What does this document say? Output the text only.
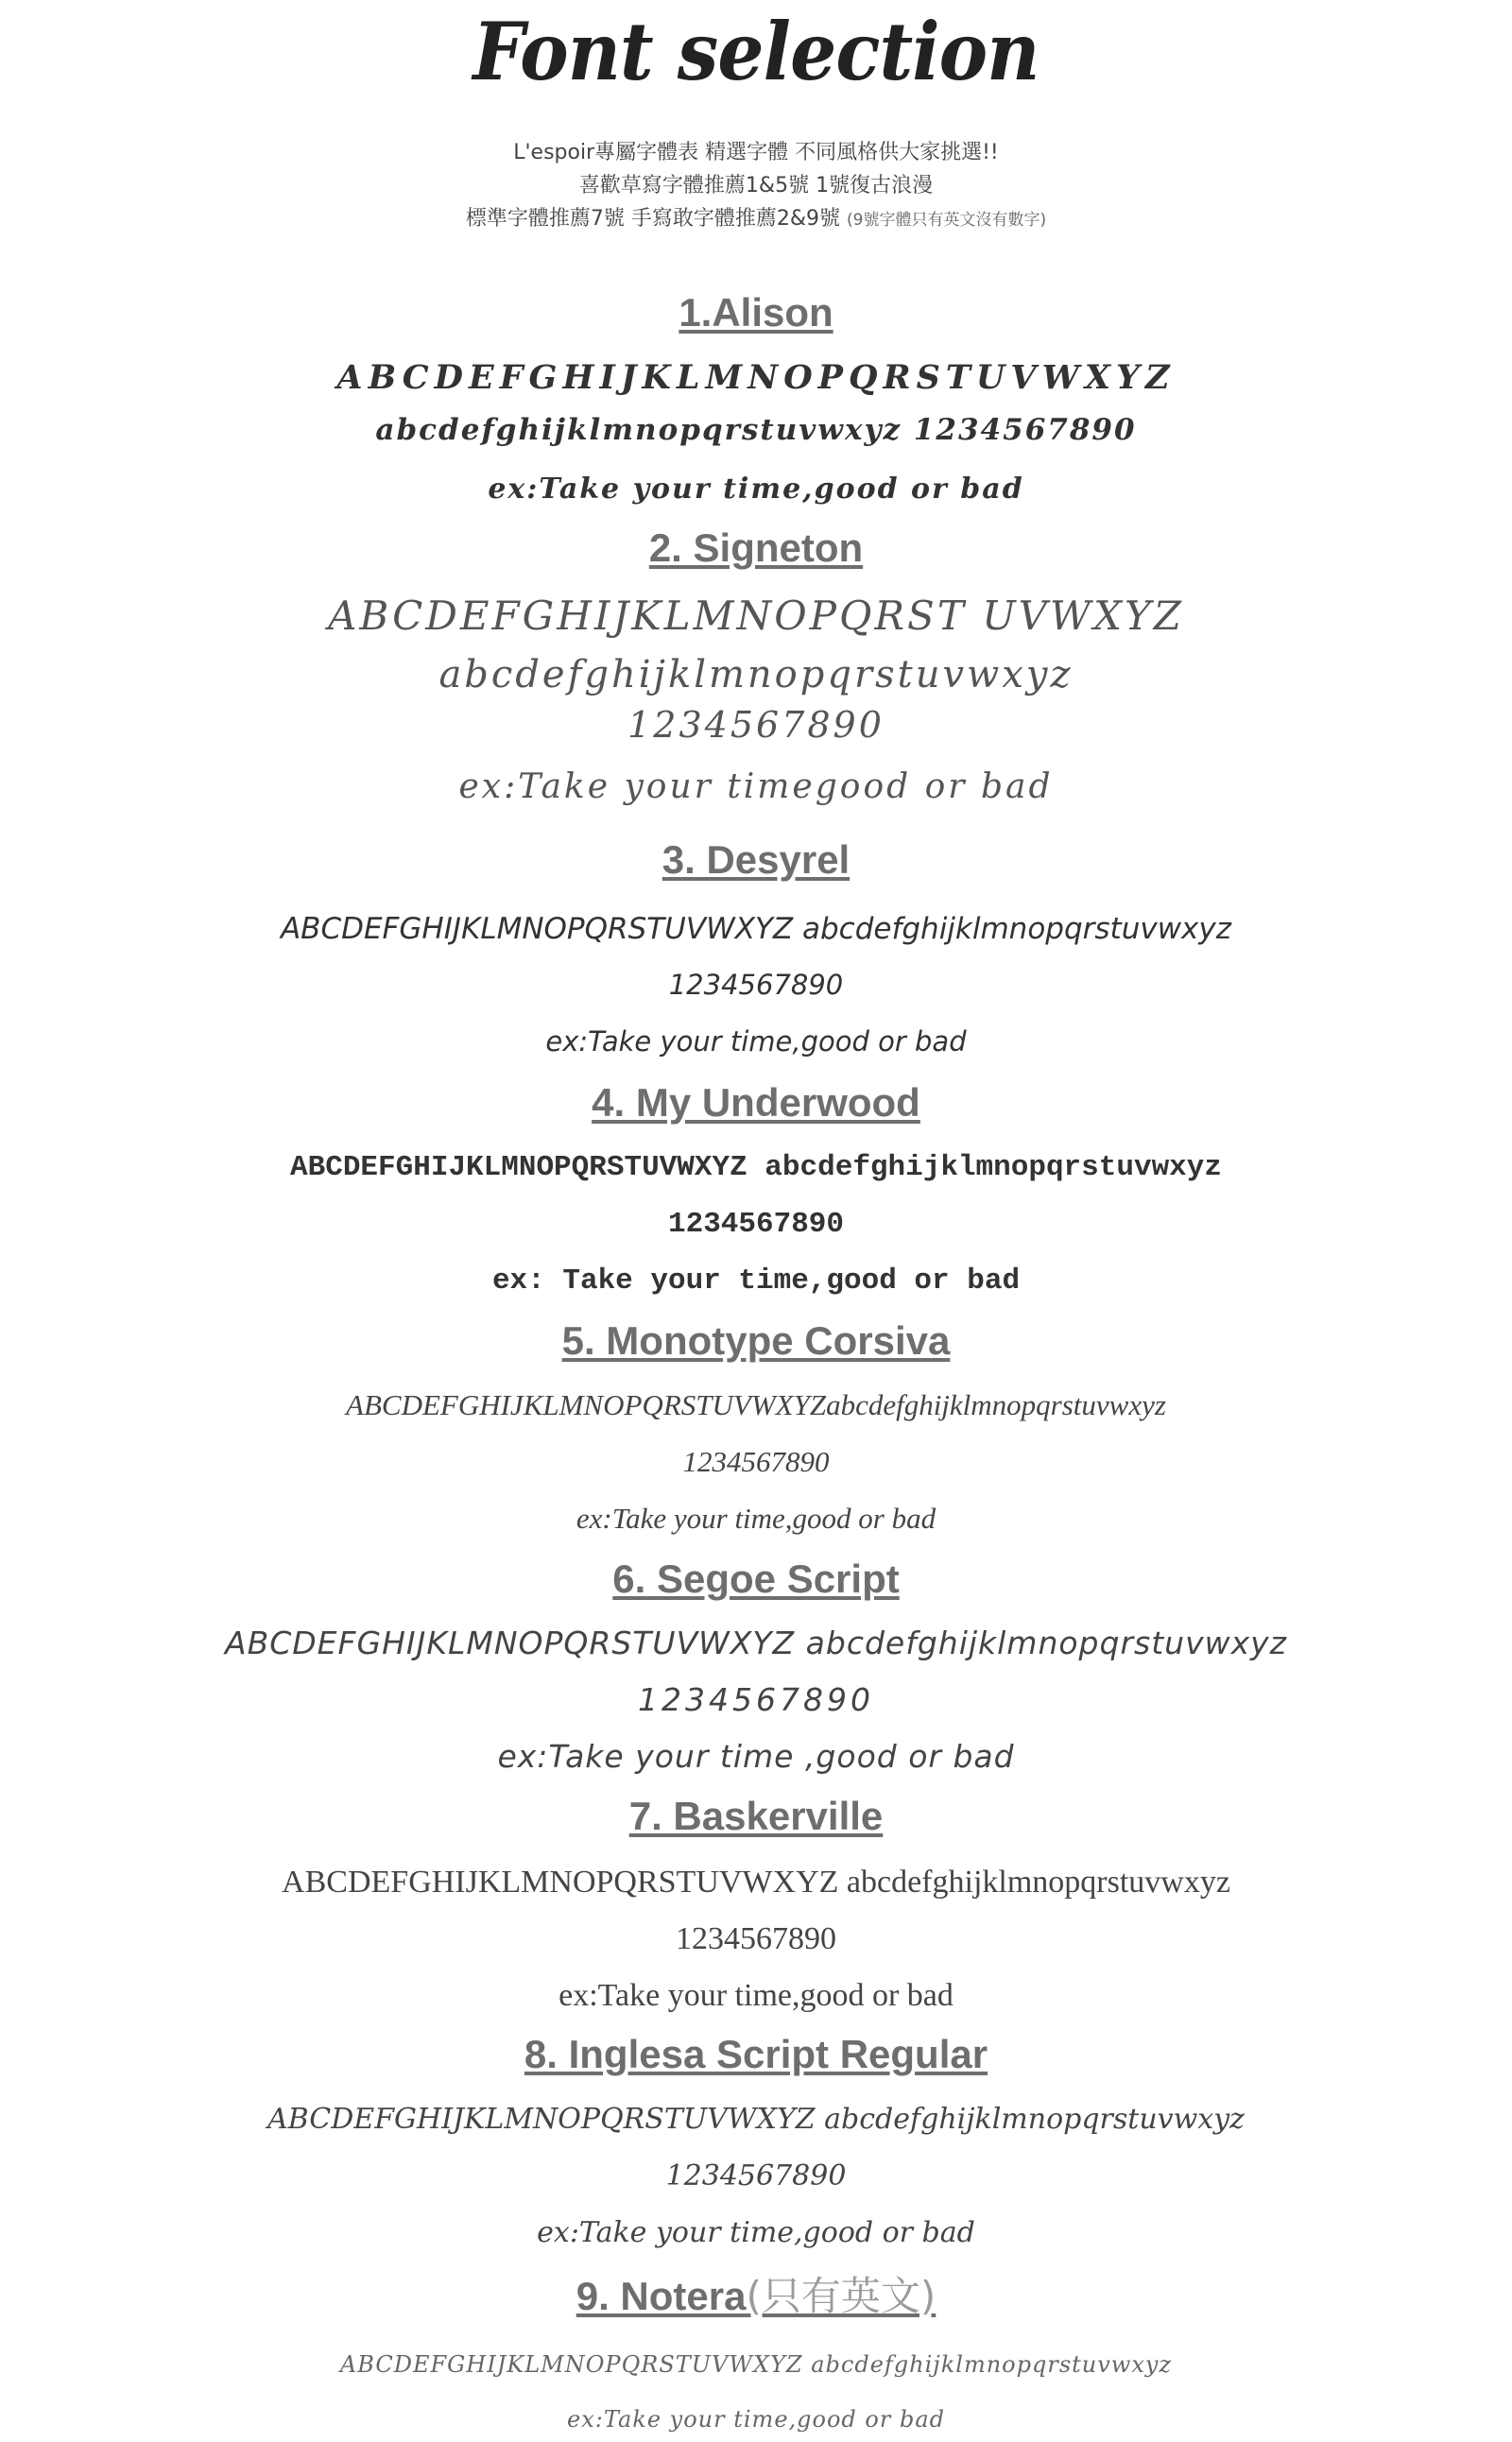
Font selection
L'espoir專屬字體表 精選字體 不同風格供大家挑選!!
喜歡草寫字體推薦1&5號 1號復古浪漫
標準字體推薦7號 手寫敢字體推薦2&9號 (9號字體只有英文沒有數字)
1.Alison
ABCDEFGHIJKLMNOPQRSTUVWXYZ
abcdefghijklmnopqrstuvwxyz 1234567890
ex:Take your time,good or bad
2. Signeton
ABCDEFGHIJKLMNOPQRST UVWXYZ
abcdefghijklmnopqrstuvwxyz
1234567890
ex:Take your timegood or bad
3. Desyrel
ABCDEFGHIJKLMNOPQRSTUVWXYZ abcdefghijklmnopqrstuvwxyz
1234567890
ex:Take your time,good or bad
4. My Underwood
ABCDEFGHIJKLMNOPQRSTUVWXYZ abcdefghijklmnopqrstuvwxyz
1234567890
ex: Take your time,good or bad
5. Monotype Corsiva
ABCDEFGHIJKLMNOPQRSTUVWXYZabcdefghijklmnopqrstuvwxyz
1234567890
ex:Take your time,good or bad
6. Segoe Script
ABCDEFGHIJKLMNOPQRSTUVWXYZ abcdefghijklmnopqrstuvwxyz
1234567890
ex:Take your time ,good or bad
7. Baskerville
ABCDEFGHIJKLMNOPQRSTUVWXYZ abcdefghijklmnopqrstuvwxyz
1234567890
ex:Take your time,good or bad
8. Inglesa Script Regular
ABCDEFGHIJKLMNOPQRSTUVWXYZ abcdefghijklmnopqrstuvwxyz
1234567890
ex:Take your time,good or bad
9. Notera(只有英文)
ABCDEFGHIJKLMNOPQRSTUVWXYZ abcdefghijklmnopqrstuvwxyz
ex:Take your time,good or bad
